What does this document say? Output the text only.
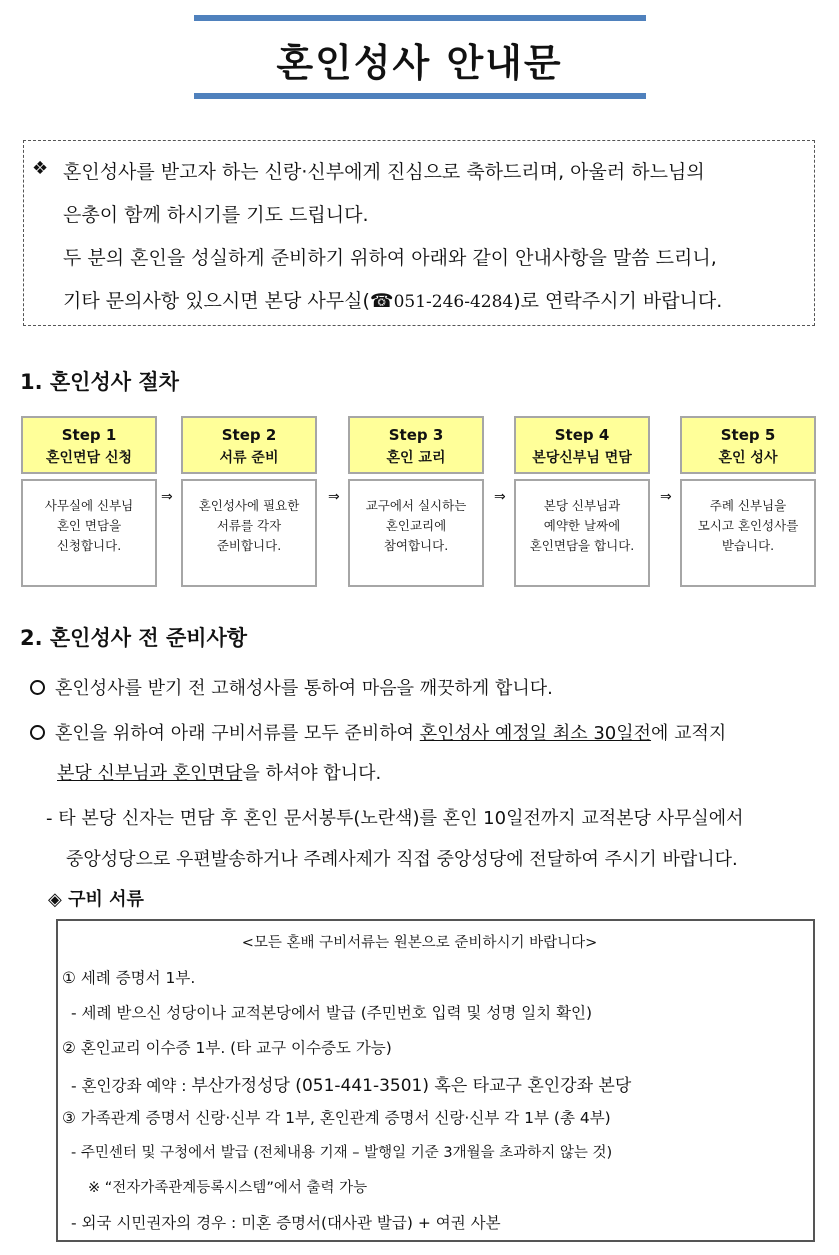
혼인성사 안내문
❖ 혼인성사를 받고자 하는 신랑·신부에게 진심으로 축하드리며, 아울러 하느님의
은총이 함께 하시기를 기도 드립니다.
두 분의 혼인을 성실하게 준비하기 위하여 아래와 같이 안내사항을 말씀 드리니,
기타 문의사항 있으시면 본당 사무실(☎051-246-4284)로 연락주시기 바랍니다.
1. 혼인성사 절차
Step 1
혼인면담 신청
사무실에 신부님
혼인 면담을
신청합니다.
⇒
Step 2
서류 준비
혼인성사에 필요한
서류를 각자
준비합니다.
⇒
Step 3
혼인 교리
교구에서 실시하는
혼인교리에
참여합니다.
⇒
Step 4
본당신부님 면담
본당 신부님과
예약한 날짜에
혼인면담을 합니다.
⇒
Step 5
혼인 성사
주례 신부님을
모시고 혼인성사를
받습니다.
2. 혼인성사 전 준비사항
혼인성사를 받기 전 고해성사를 통하여 마음을 깨끗하게 합니다.
혼인을 위하여 아래 구비서류를 모두 준비하여 혼인성사 예정일 최소 30일전에 교적지
본당 신부님과 혼인면담을 하셔야 합니다.
- 타 본당 신자는 면담 후 혼인 문서봉투(노란색)를 혼인 10일전까지 교적본당 사무실에서
중앙성당으로 우편발송하거나 주례사제가 직접 중앙성당에 전달하여 주시기 바랍니다.
◈ 구비 서류
<모든 혼배 구비서류는 원본으로 준비하시기 바랍니다>
① 세례 증명서 1부.
- 세례 받으신 성당이나 교적본당에서 발급 (주민번호 입력 및 성명 일치 확인)
② 혼인교리 이수증 1부. (타 교구 이수증도 가능)
- 혼인강좌 예약 : 부산가정성당 (051-441-3501) 혹은 타교구 혼인강좌 본당
③ 가족관계 증명서 신랑·신부 각 1부, 혼인관계 증명서 신랑·신부 각 1부 (총 4부)
- 주민센터 및 구청에서 발급 (전체내용 기재 – 발행일 기준 3개월을 초과하지 않는 것)
※ “전자가족관계등록시스템”에서 출력 가능
- 외국 시민권자의 경우 : 미혼 증명서(대사관 발급) + 여권 사본
